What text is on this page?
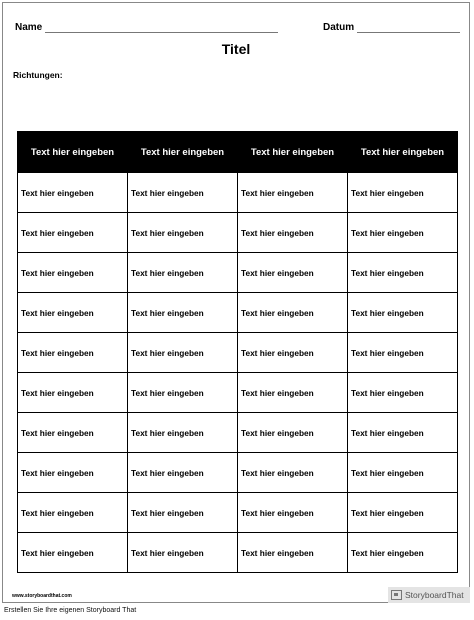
Name	Datum
Titel
Richtungen:
Text hier eingeben	Text hier eingeben	Text hier eingeben	Text hier eingeben
Text hier eingeben	Text hier eingeben	Text hier eingeben	Text hier eingeben
Text hier eingeben	Text hier eingeben	Text hier eingeben	Text hier eingeben
Text hier eingeben	Text hier eingeben	Text hier eingeben	Text hier eingeben
Text hier eingeben	Text hier eingeben	Text hier eingeben	Text hier eingeben
Text hier eingeben	Text hier eingeben	Text hier eingeben	Text hier eingeben
Text hier eingeben	Text hier eingeben	Text hier eingeben	Text hier eingeben
Text hier eingeben	Text hier eingeben	Text hier eingeben	Text hier eingeben
Text hier eingeben	Text hier eingeben	Text hier eingeben	Text hier eingeben
Text hier eingeben	Text hier eingeben	Text hier eingeben	Text hier eingeben
Text hier eingeben	Text hier eingeben	Text hier eingeben	Text hier eingeben
www.storyboardthat.com	StoryboardThat
Erstellen Sie Ihre eigenen Storyboard That
